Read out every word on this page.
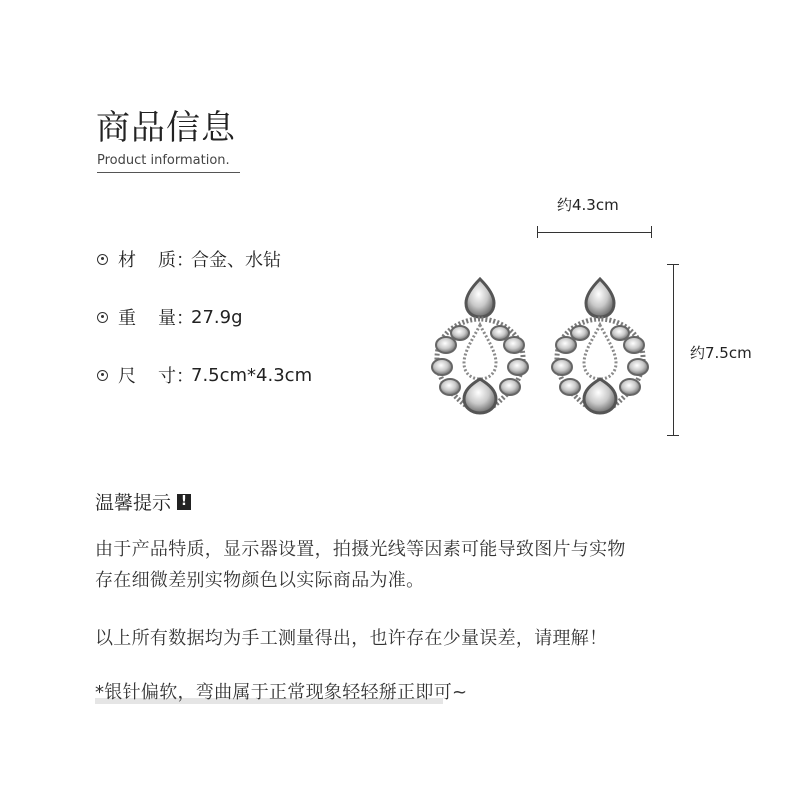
商品信息
Product information.
材	质：
合金、水钻
重	量：
27.9g
尺	寸：
7.5cm*4.3cm
约4.3cm
约7.5cm
温馨提示 !
由于产品特质，显示器设置，拍摄光线等因素可能导致图片与实物
存在细微差别实物颜色以实际商品为准。
以上所有数据均为手工测量得出，也许存在少量误差，请理解！
*银针偏软，弯曲属于正常现象轻轻掰正即可~
